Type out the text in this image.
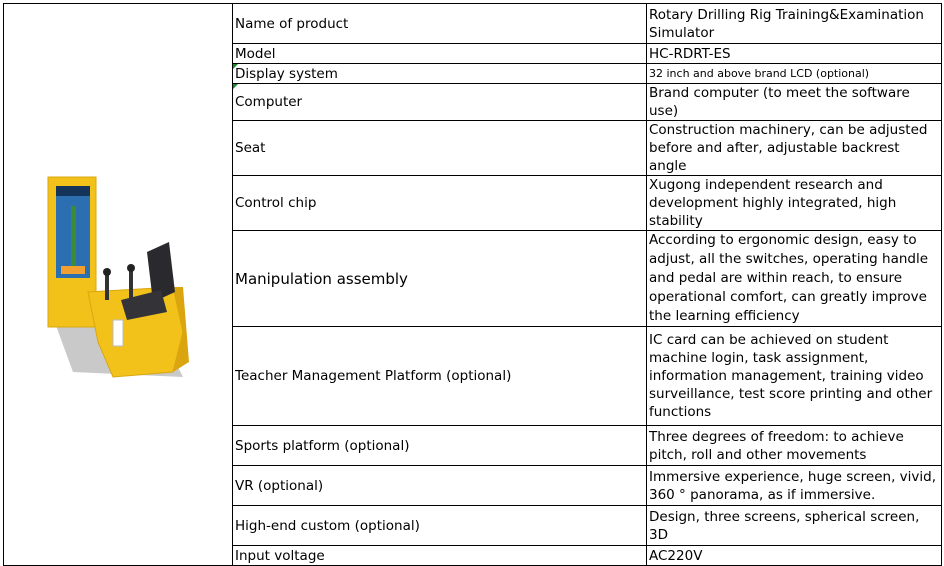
	Name of product	Rotary Drilling Rig Training&Examination Simulator
	Model	HC-RDRT-ES
	Display system	32 inch and above brand LCD (optional)
	Computer	Brand computer (to meet the software use)
	Seat	Construction machinery, can be adjusted before and after, adjustable backrest angle
	Control chip	Xugong independent research and development highly integrated, high stability
	Manipulation assembly	According to ergonomic design, easy to adjust, all the switches, operating handle and pedal are within reach, to ensure operational comfort, can greatly improve the learning efficiency
	Teacher Management Platform (optional)	IC card can be achieved on student machine login, task assignment, information management, training video surveillance, test score printing and other functions
	Sports platform (optional)	Three degrees of freedom: to achieve pitch, roll and other movements
	VR (optional)	Immersive experience, huge screen, vivid, 360 ° panorama, as if immersive.
	High-end custom (optional)	Design, three screens, spherical screen, 3D
	Input voltage	AC220V
